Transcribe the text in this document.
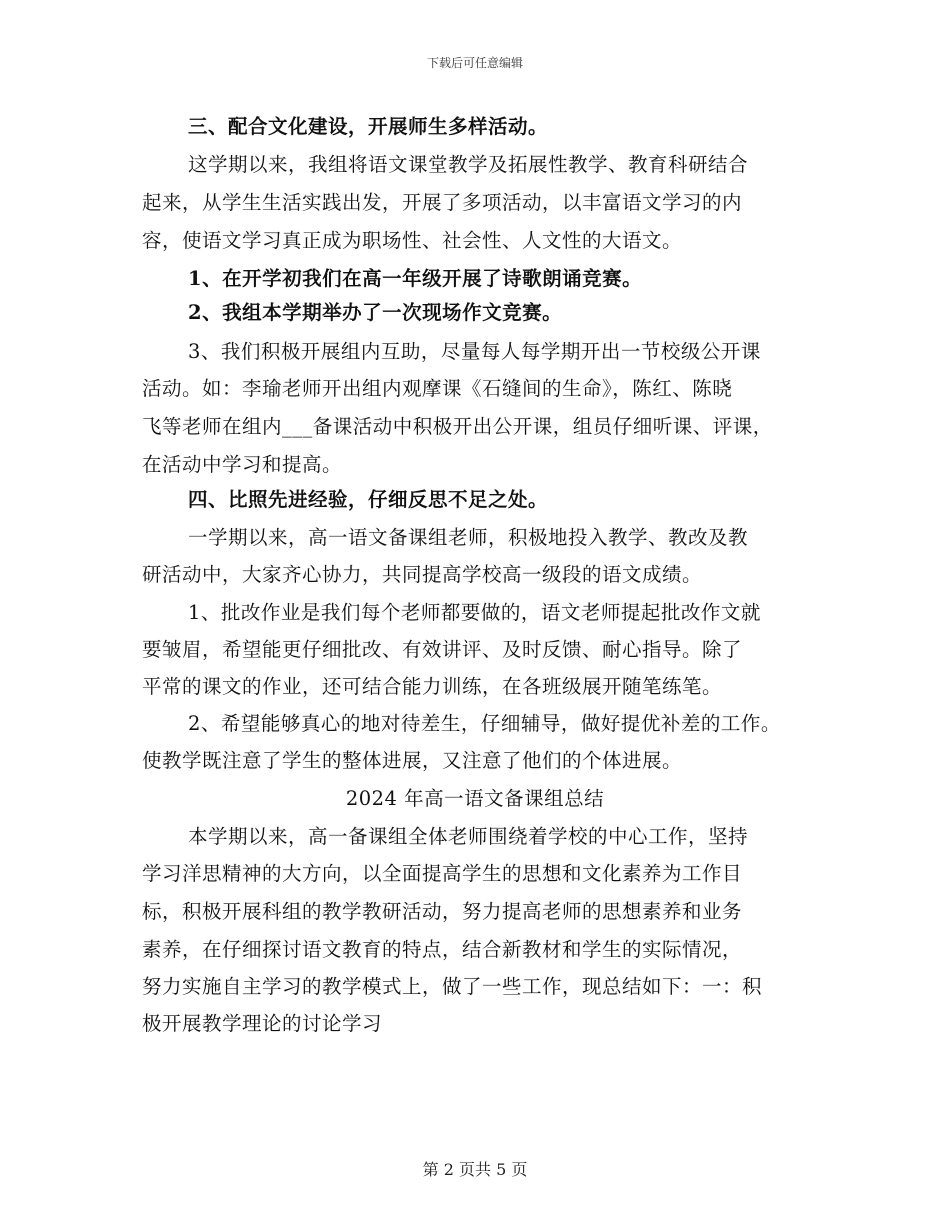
下载后可任意编辑
三、配合文化建设，开展师生多样活动。
这学期以来，我组将语文课堂教学及拓展性教学、教育科研结合
起来，从学生生活实践出发，开展了多项活动，以丰富语文学习的内
容，使语文学习真正成为职场性、社会性、人文性的大语文。
1、在开学初我们在高一年级开展了诗歌朗诵竞赛。
2、我组本学期举办了一次现场作文竞赛。
3、我们积极开展组内互助，尽量每人每学期开出一节校级公开课
活动。如：李瑜老师开出组内观摩课《石缝间的生命》，陈红、陈晓
飞等老师在组内___备课活动中积极开出公开课，组员仔细听课、评课，
在活动中学习和提高。
四、比照先进经验，仔细反思不足之处。
一学期以来，高一语文备课组老师，积极地投入教学、教改及教
研活动中，大家齐心协力，共同提高学校高一级段的语文成绩。
1、批改作业是我们每个老师都要做的，语文老师提起批改作文就
要皱眉，希望能更仔细批改、有效讲评、及时反馈、耐心指导。除了
平常的课文的作业，还可结合能力训练，在各班级展开随笔练笔。
2、希望能够真心的地对待差生，仔细辅导，做好提优补差的工作。
使教学既注意了学生的整体进展，又注意了他们的个体进展。
2024 年高一语文备课组总结
本学期以来，高一备课组全体老师围绕着学校的中心工作，坚持
学习洋思精神的大方向，以全面提高学生的思想和文化素养为工作目
标，积极开展科组的教学教研活动，努力提高老师的思想素养和业务
素养，在仔细探讨语文教育的特点，结合新教材和学生的实际情况，
努力实施自主学习的教学模式上，做了一些工作，现总结如下：一：积
极开展教学理论的讨论学习
第 2 页共 5 页
